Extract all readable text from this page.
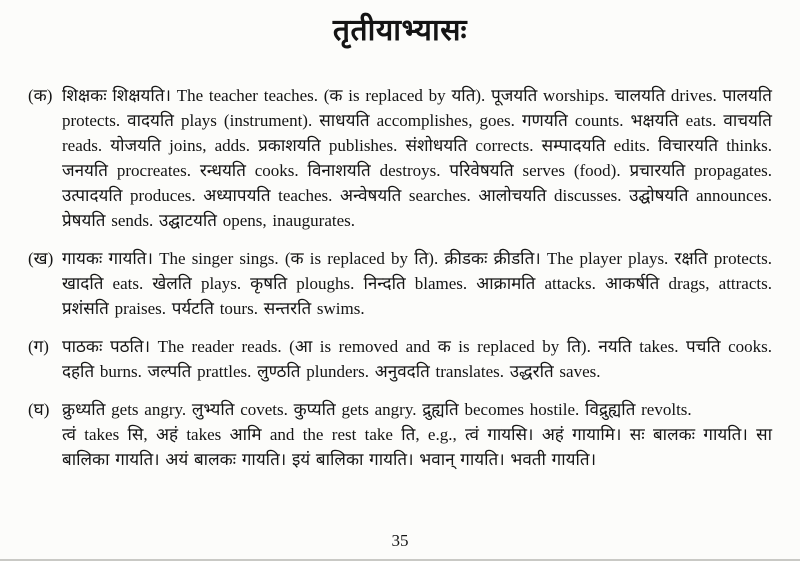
तृतीयाभ्यासः
(क) शिक्षकः शिक्षयति। The teacher teaches. (क is replaced by यति). पूजयति worships. चालयति drives. पालयति protects. वादयति plays (instrument). साधयति accomplishes, goes. गणयति counts. भक्षयति eats. वाचयति reads. योजयति joins, adds. प्रकाशयति publishes. संशोधयति corrects. सम्पादयति edits. विचारयति thinks. जनयति procreates. रन्धयति cooks. विनाशयति destroys. परिवेषयति serves (food). प्रचारयति propagates. उत्पादयति produces. अध्यापयति teaches. अन्वेषयति searches. आलोचयति discusses. उद्घोषयति announces. प्रेषयति sends. उद्घाटयति opens, inaugurates.

(ख) गायकः गायति। The singer sings. (क is replaced by ति). क्रीडकः क्रीडति। The player plays. रक्षति protects. खादति eats. खेलति plays. कृषति ploughs. निन्दति blames. आक्रामति attacks. आकर्षति drags, attracts. प्रशंसति praises. पर्यटति tours. सन्तरति swims.

(ग) पाठकः पठति। The reader reads. (आ is removed and क is replaced by ति). नयति takes. पचति cooks. दहति burns. जल्पति prattles. लुण्ठति plunders. अनुवदति translates. उद्धरति saves.

(घ) क्रुध्यति gets angry. लुभ्यति covets. कुप्यति gets angry. द्रुह्यति becomes hostile. विद्रुह्यति revolts.

त्वं takes सि, अहं takes आमि and the rest take ति, e.g., त्वं गायसि। अहं गायामि। सः बालकः गायति। सा बालिका गायति। अयं बालकः गायति। इयं बालिका गायति। भवान् गायति। भवती गायति।

35
